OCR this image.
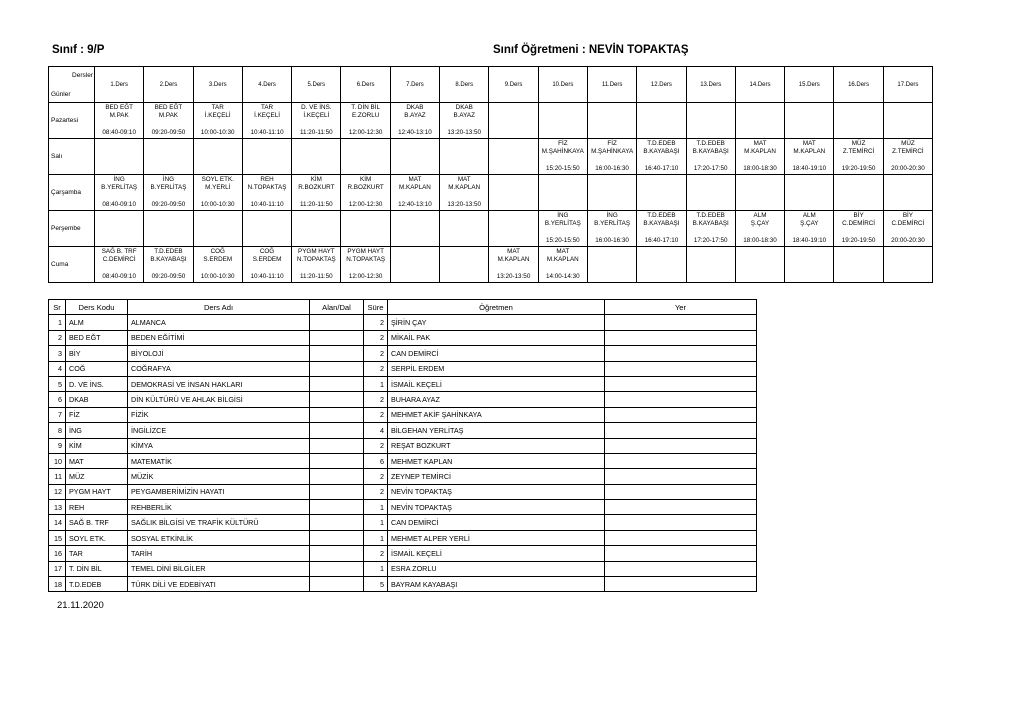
Sınıf : 9/P	Sınıf Öğretmeni : NEVİN TOPAKTAŞ
Dersler
Günler	1.Ders	2.Ders	3.Ders	4.Ders	5.Ders	6.Ders	7.Ders	8.Ders	9.Ders	10.Ders	11.Ders	12.Ders	13.Ders	14.Ders	15.Ders	16.Ders	17.Ders
Pazartesi	BED EĞT
M.PAK
08:40-09:10	BED EĞT
M.PAK
09:20-09:50	TAR
İ.KEÇELİ
10:00-10:30	TAR
İ.KEÇELİ
10:40-11:10	D. VE İNS.
İ.KEÇELİ
11:20-11:50	T. DİN BİL
E.ZORLU
12:00-12:30	DKAB
B.AYAZ
12:40-13:10	DKAB
B.AYAZ
13:20-13:50									

Salı										FİZ
M.ŞAHİNKAYA
15:20-15:50	FİZ
M.ŞAHİNKAYA
16:00-16:30	T.D.EDEB
B.KAYABAŞI
16:40-17:10	T.D.EDEB
B.KAYABAŞI
17:20-17:50	MAT
M.KAPLAN
18:00-18:30	MAT
M.KAPLAN
18:40-19:10	MÜZ
Z.TEMİRCİ
19:20-19:50	MÜZ
Z.TEMİRCİ
20:00-20:30

Çarşamba	İNG
B.YERLİTAŞ
08:40-09:10	İNG
B.YERLİTAŞ
09:20-09:50	SOYL ETK.
M.YERLİ
10:00-10:30	REH
N.TOPAKTAŞ
10:40-11:10	KİM
R.BOZKURT
11:20-11:50	KİM
R.BOZKURT
12:00-12:30	MAT
M.KAPLAN
12:40-13:10	MAT
M.KAPLAN
13:20-13:50									

Perşembe										İNG
B.YERLİTAŞ
15:20-15:50	İNG
B.YERLİTAŞ
16:00-16:30	T.D.EDEB
B.KAYABAŞI
16:40-17:10	T.D.EDEB
B.KAYABAŞI
17:20-17:50	ALM
Ş.ÇAY
18:00-18:30	ALM
Ş.ÇAY
18:40-19:10	BİY
C.DEMİRCİ
19:20-19:50	BİY
C.DEMİRCİ
20:00-20:30

Cuma	SAĞ B. TRF
C.DEMİRCİ
08:40-09:10	T.D.EDEB
B.KAYABAŞI
09:20-09:50	COĞ
S.ERDEM
10:00-10:30	COĞ
S.ERDEM
10:40-11:10	PYGM HAYT
N.TOPAKTAŞ
11:20-11:50	PYGM HAYT
N.TOPAKTAŞ
12:00-12:30			MAT
M.KAPLAN
13:20-13:50	MAT
M.KAPLAN
14:00-14:30							

Sr	Ders Kodu	Ders Adı	Alan/Dal	Süre	Öğretmen	Yer
1	ALM	ALMANCA		2	ŞİRİN ÇAY	
2	BED EĞT	BEDEN EĞİTİMİ		2	MİKAİL PAK	
3	BİY	BİYOLOJİ		2	CAN DEMİRCİ	
4	COĞ	COĞRAFYA		2	SERPİL ERDEM	
5	D. VE İNS.	DEMOKRASİ VE İNSAN HAKLARI		1	İSMAİL KEÇELİ	
6	DKAB	DİN KÜLTÜRÜ VE AHLAK BİLGİSİ		2	BUHARA AYAZ	
7	FİZ	FİZİK		2	MEHMET AKİF ŞAHİNKAYA	
8	İNG	İNGİLİZCE		4	BİLGEHAN YERLİTAŞ	
9	KİM	KİMYA		2	REŞAT BOZKURT	
10	MAT	MATEMATİK		6	MEHMET KAPLAN	
11	MÜZ	MÜZİK		2	ZEYNEP TEMİRCİ	
12	PYGM HAYT	PEYGAMBERİMİZİN HAYATI		2	NEVİN TOPAKTAŞ	
13	REH	REHBERLİK		1	NEVİN TOPAKTAŞ	
14	SAĞ B. TRF	SAĞLIK BİLGİSİ VE TRAFİK KÜLTÜRÜ		1	CAN DEMİRCİ	
15	SOYL ETK.	SOSYAL ETKİNLİK		1	MEHMET ALPER YERLİ	
16	TAR	TARİH		2	İSMAİL KEÇELİ	
17	T. DİN BİL	TEMEL DİNİ BİLGİLER		1	ESRA ZORLU	
18	T.D.EDEB	TÜRK DİLİ VE EDEBİYATI		5	BAYRAM KAYABAŞI	
21.11.2020
